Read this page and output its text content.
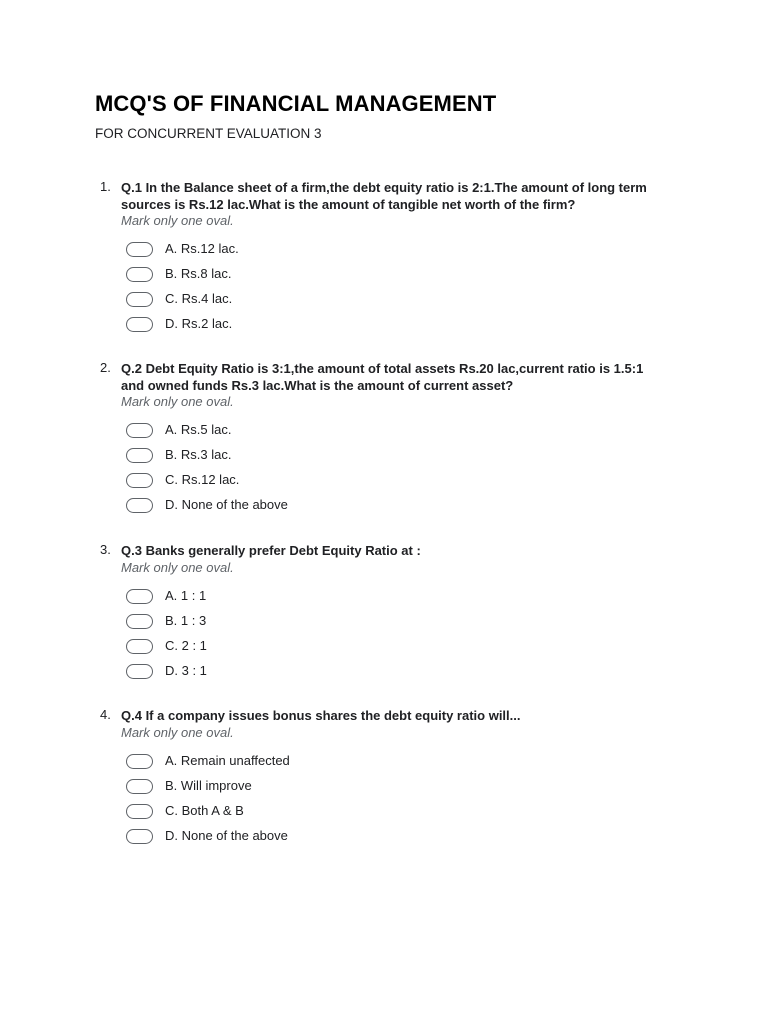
MCQ'S OF FINANCIAL MANAGEMENT
FOR CONCURRENT EVALUATION 3
1. Q.1 In the Balance sheet of a firm,the debt equity ratio is 2:1.The amount of long term sources is Rs.12 lac.What is the amount of tangible net worth of the firm?
Mark only one oval.
A. Rs.12 lac.
B. Rs.8 lac.
C. Rs.4 lac.
D. Rs.2 lac.
2. Q.2 Debt Equity Ratio is 3:1,the amount of total assets Rs.20 lac,current ratio is 1.5:1 and owned funds Rs.3 lac.What is the amount of current asset?
Mark only one oval.
A. Rs.5 lac.
B. Rs.3 lac.
C. Rs.12 lac.
D. None of the above
3. Q.3 Banks generally prefer Debt Equity Ratio at :
Mark only one oval.
A. 1 : 1
B. 1 : 3
C. 2 : 1
D. 3 : 1
4. Q.4 If a company issues bonus shares the debt equity ratio will...
Mark only one oval.
A. Remain unaffected
B. Will improve
C. Both A & B
D. None of the above
